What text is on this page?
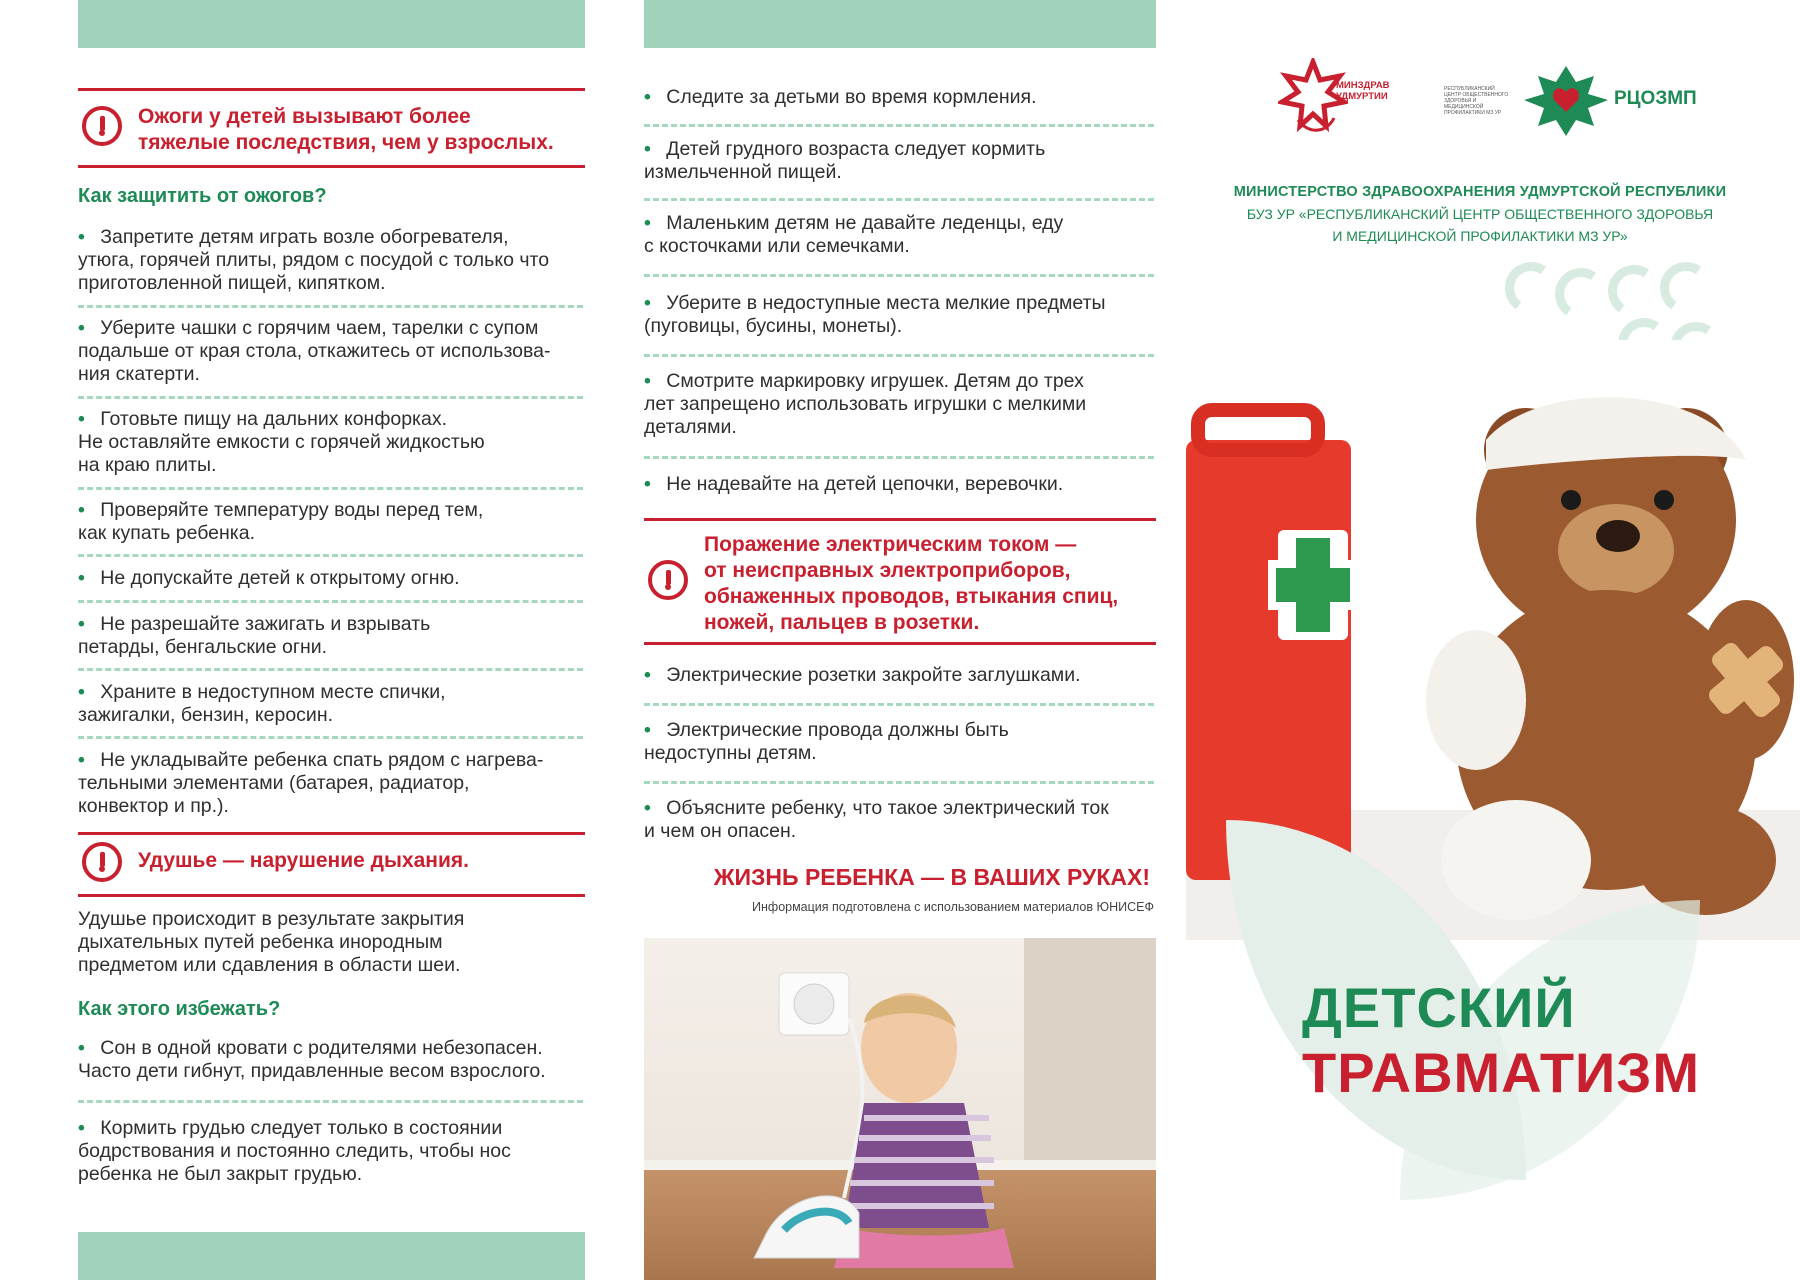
Ожоги у детей вызывают более
тяжелые последствия, чем у взрослых.
Как защитить от ожогов?
• Запретите детям играть возле обогревателя,
утюга, горячей плиты, рядом с посудой с только что
приготовленной пищей, кипятком.
• Уберите чашки с горячим чаем, тарелки с супом
подальше от края стола, откажитесь от использова-
ния скатерти.
• Готовьте пищу на дальних конфорках.
Не оставляйте емкости с горячей жидкостью
на краю плиты.
• Проверяйте температуру воды перед тем,
как купать ребенка.
• Не допускайте детей к открытому огню.
• Не разрешайте зажигать и взрывать
петарды, бенгальские огни.
• Храните в недоступном месте спички,
зажигалки, бензин, керосин.
• Не укладывайте ребенка спать рядом с нагрева-
тельными элементами (батарея, радиатор,
конвектор и пр.).
Удушье — нарушение дыхания.
Удушье происходит в результате закрытия
дыхательных путей ребенка инородным
предметом или сдавления в области шеи.
Как этого избежать?
• Сон в одной кровати с родителями небезопасен.
Часто дети гибнут, придавленные весом взрослого.
• Кормить грудью следует только в состоянии
бодрствования и постоянно следить, чтобы нос
ребенка не был закрыт грудью.
• Следите за детьми во время кормления.
• Детей грудного возраста следует кормить
измельченной пищей.
• Маленьким детям не давайте леденцы, еду
с косточками или семечками.
• Уберите в недоступные места мелкие предметы
(пуговицы, бусины, монеты).
• Смотрите маркировку игрушек. Детям до трех
лет запрещено использовать игрушки с мелкими
деталями.
• Не надевайте на детей цепочки, веревочки.
Поражение электрическим током —
от неисправных электроприборов,
обнаженных проводов, втыкания спиц,
ножей, пальцев в розетки.
• Электрические розетки закройте заглушками.
• Электрические провода должны быть
недоступны детям.
• Объясните ребенку, что такое электрический ток
и чем он опасен.
ЖИЗНЬ РЕБЕНКА — В ВАШИХ РУКАХ!
Информация подготовлена с использованием материалов ЮНИСЕФ
МИНЗДРАВ
УДМУРТИИ
РЕСПУБЛИКАНСКИЙ ЦЕНТР ОБЩЕСТВЕННОГО ЗДОРОВЬЯ И МЕДИЦИНСКОЙ ПРОФИЛАКТИКИ МЗ УР
РЦОЗМП
МИНИСТЕРСТВО ЗДРАВООХРАНЕНИЯ УДМУРТСКОЙ РЕСПУБЛИКИ
БУЗ УР «РЕСПУБЛИКАНСКИЙ ЦЕНТР ОБЩЕСТВЕННОГО ЗДОРОВЬЯ
И МЕДИЦИНСКОЙ ПРОФИЛАКТИКИ МЗ УР»
ДЕТСКИЙ
ТРАВМАТИЗМ
